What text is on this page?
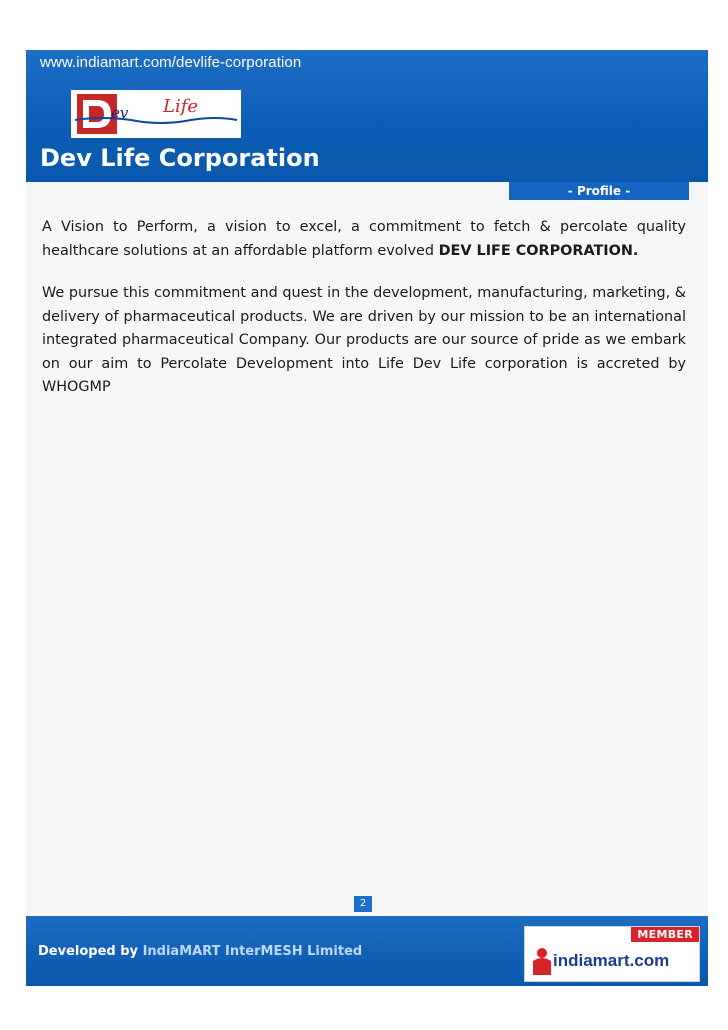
www.indiamart.com/devlife-corporation
ev Life
Dev Life Corporation
- Profile -

A Vision to Perform, a vision to excel, a commitment to fetch & percolate quality healthcare solutions at an affordable platform evolved DEV LIFE CORPORATION.

We pursue this commitment and quest in the development, manufacturing, marketing, & delivery of pharmaceutical products. We are driven by our mission to be an international integrated pharmaceutical Company. Our products are our source of pride as we embark on our aim to Percolate Development into Life Dev Life corporation is accreted by WHOGMP

2
Developed by IndiaMART InterMESH Limited
MEMBER
indiamart.com
